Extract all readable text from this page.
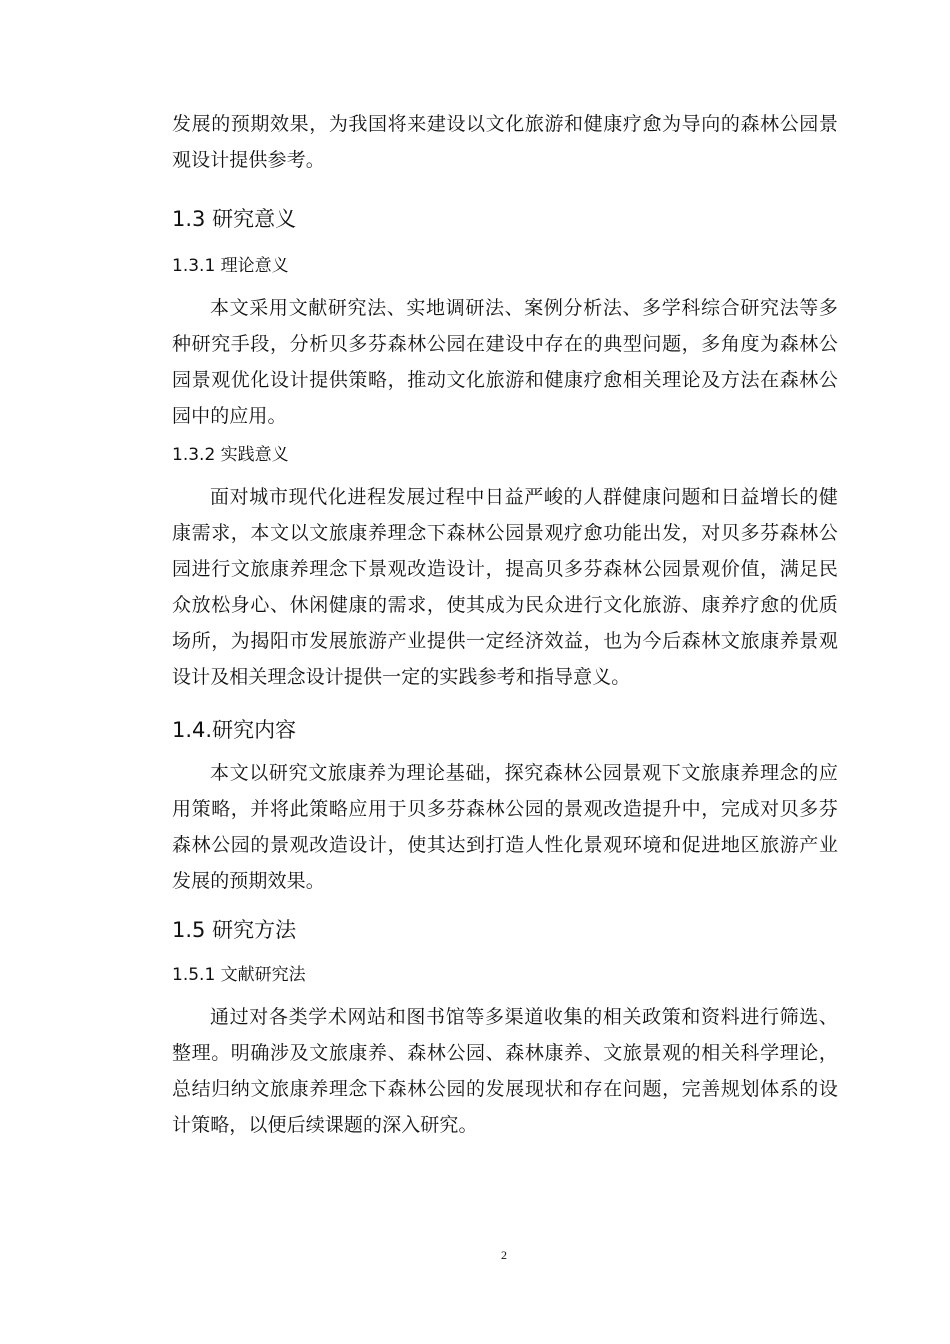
发展的预期效果，为我国将来建设以文化旅游和健康疗愈为导向的森林公园景观设计提供参考。

1.3 研究意义
1.3.1 理论意义

本文采用文献研究法、实地调研法、案例分析法、多学科综合研究法等多种研究手段，分析贝多芬森林公园在建设中存在的典型问题，多角度为森林公园景观优化设计提供策略，推动文化旅游和健康疗愈相关理论及方法在森林公园中的应用。

1.3.2 实践意义

面对城市现代化进程发展过程中日益严峻的人群健康问题和日益增长的健康需求，本文以文旅康养理念下森林公园景观疗愈功能出发，对贝多芬森林公园进行文旅康养理念下景观改造设计，提高贝多芬森林公园景观价值，满足民众放松身心、休闲健康的需求，使其成为民众进行文化旅游、康养疗愈的优质场所，为揭阳市发展旅游产业提供一定经济效益，也为今后森林文旅康养景观设计及相关理念设计提供一定的实践参考和指导意义。

1.4.研究内容

本文以研究文旅康养为理论基础，探究森林公园景观下文旅康养理念的应用策略，并将此策略应用于贝多芬森林公园的景观改造提升中，完成对贝多芬森林公园的景观改造设计，使其达到打造人性化景观环境和促进地区旅游产业发展的预期效果。

1.5 研究方法
1.5.1 文献研究法

通过对各类学术网站和图书馆等多渠道收集的相关政策和资料进行筛选、整理。明确涉及文旅康养、森林公园、森林康养、文旅景观的相关科学理论，总结归纳文旅康养理念下森林公园的发展现状和存在问题，完善规划体系的设计策略，以便后续课题的深入研究。

2
